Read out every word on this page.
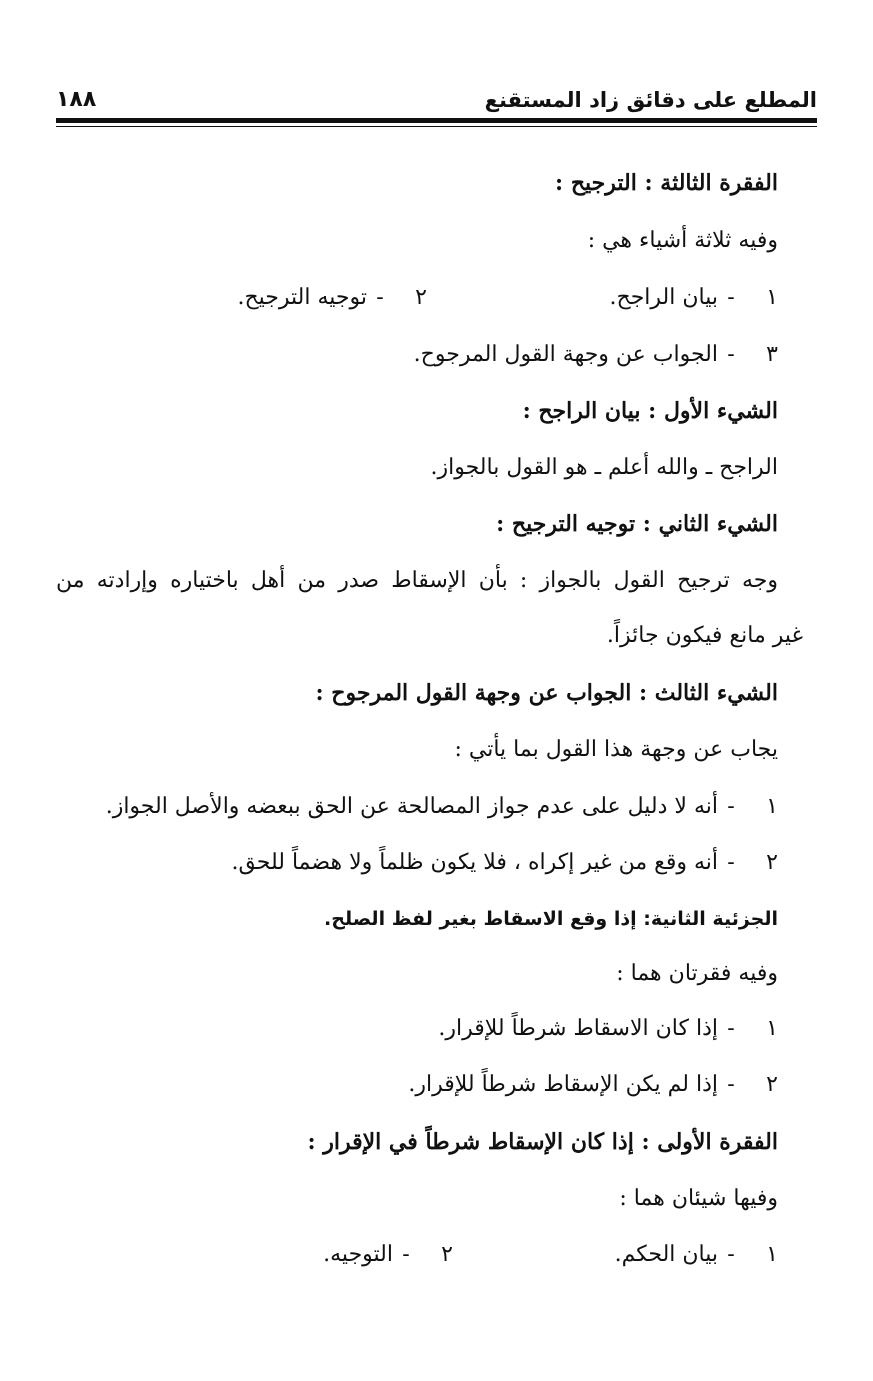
المطلع على دقائق زاد المستقنع
١٨٨
الفقرة الثالثة : الترجيح :
وفيه ثلاثة أشياء هي :
١-بيان الراجح.
٢-توجيه الترجيح.
٣-الجواب عن وجهة القول المرجوح.
الشيء الأول : بيان الراجح :
الراجح ـ والله أعلم ـ هو القول بالجواز.
الشيء الثاني : توجيه الترجيح :
وجه ترجيح القول بالجواز : بأن الإسقاط صدر من أهل باختياره وإرادته من
غير مانع فيكون جائزاً.
الشيء الثالث : الجواب عن وجهة القول المرجوح :
يجاب عن وجهة هذا القول بما يأتي :
١-أنه لا دليل على عدم جواز المصالحة عن الحق ببعضه والأصل الجواز.
٢-أنه وقع من غير إكراه ، فلا يكون ظلماً ولا هضماً للحق.
الجزئية الثانية: إذا وقع الاسقاط بغير لفظ الصلح.
وفيه فقرتان هما :
١-إذا كان الاسقاط شرطاً للإقرار.
٢-إذا لم يكن الإسقاط شرطاً للإقرار.
الفقرة الأولى : إذا كان الإسقاط شرطاً في الإقرار :
وفيها شيئان هما :
١-بيان الحكم.
٢-التوجيه.
